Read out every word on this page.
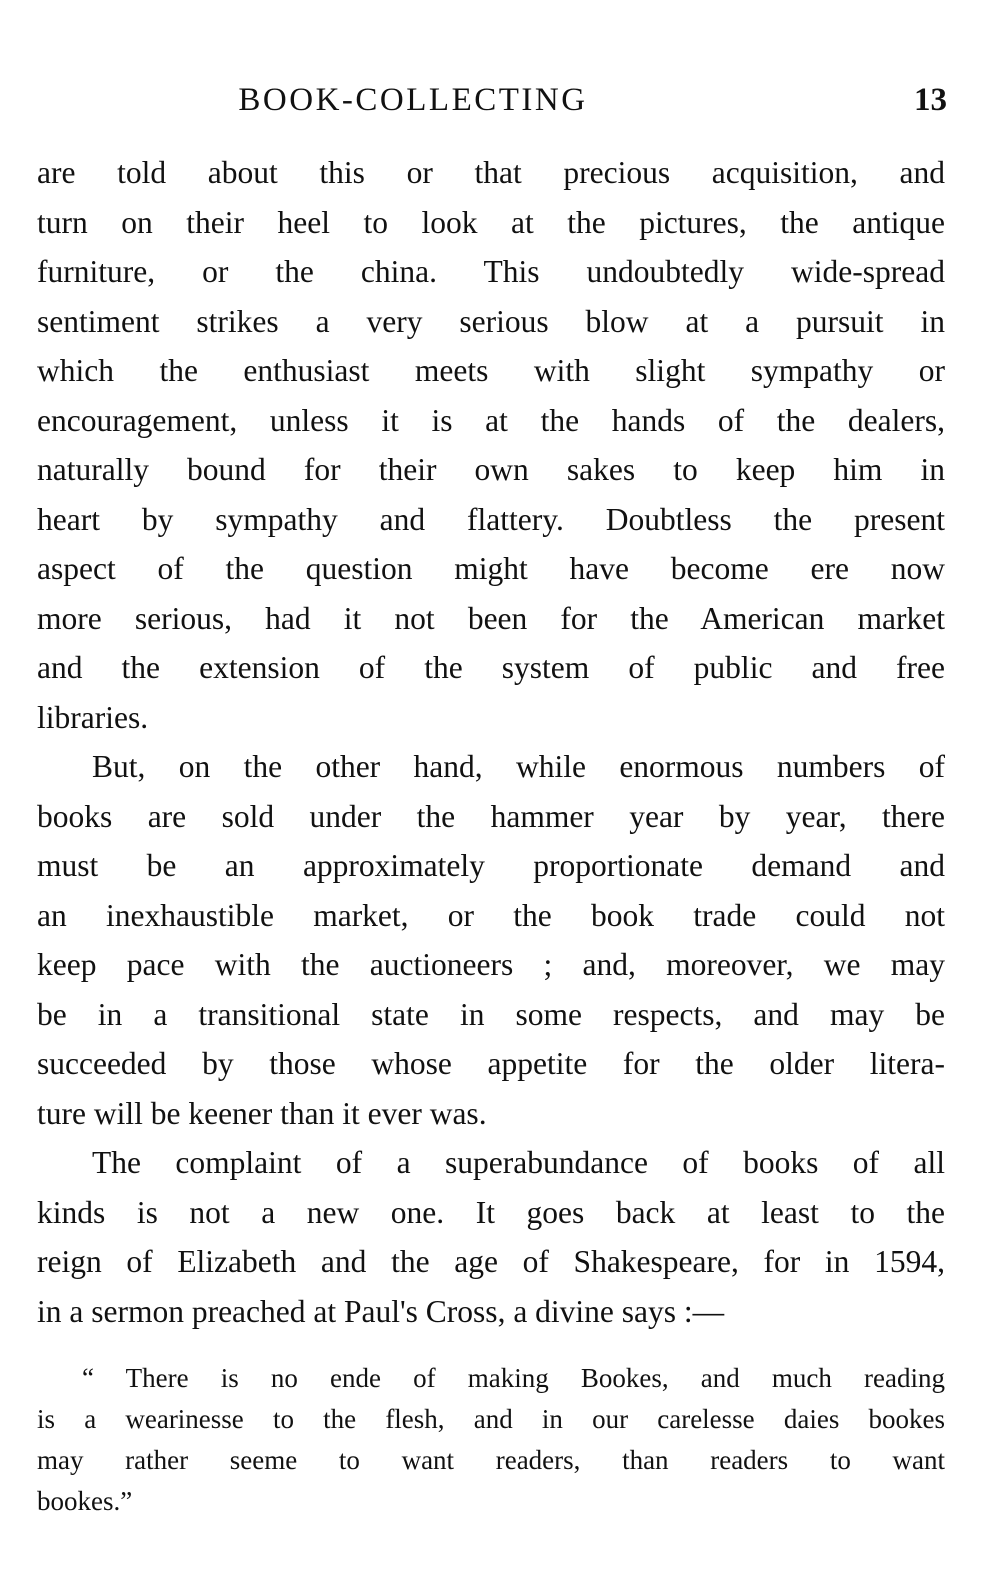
BOOK-COLLECTING	13
are told about this or that precious acquisition, and
turn on their heel to look at the pictures, the antique
furniture, or the china. This undoubtedly wide-spread
sentiment strikes a very serious blow at a pursuit in
which the enthusiast meets with slight sympathy or
encouragement, unless it is at the hands of the dealers,
naturally bound for their own sakes to keep him in
heart by sympathy and flattery. Doubtless the present
aspect of the question might have become ere now
more serious, had it not been for the American market
and the extension of the system of public and free
libraries.
But, on the other hand, while enormous numbers of
books are sold under the hammer year by year, there
must be an approximately proportionate demand and
an inexhaustible market, or the book trade could not
keep pace with the auctioneers ; and, moreover, we may
be in a transitional state in some respects, and may be
succeeded by those whose appetite for the older litera-
ture will be keener than it ever was.
The complaint of a superabundance of books of all
kinds is not a new one. It goes back at least to the
reign of Elizabeth and the age of Shakespeare, for in 1594,
in a sermon preached at Paul's Cross, a divine says :—
“ There is no ende of making Bookes, and much reading
is a wearinesse to the flesh, and in our carelesse daies bookes
may rather seeme to want readers, than readers to want
bookes.”
